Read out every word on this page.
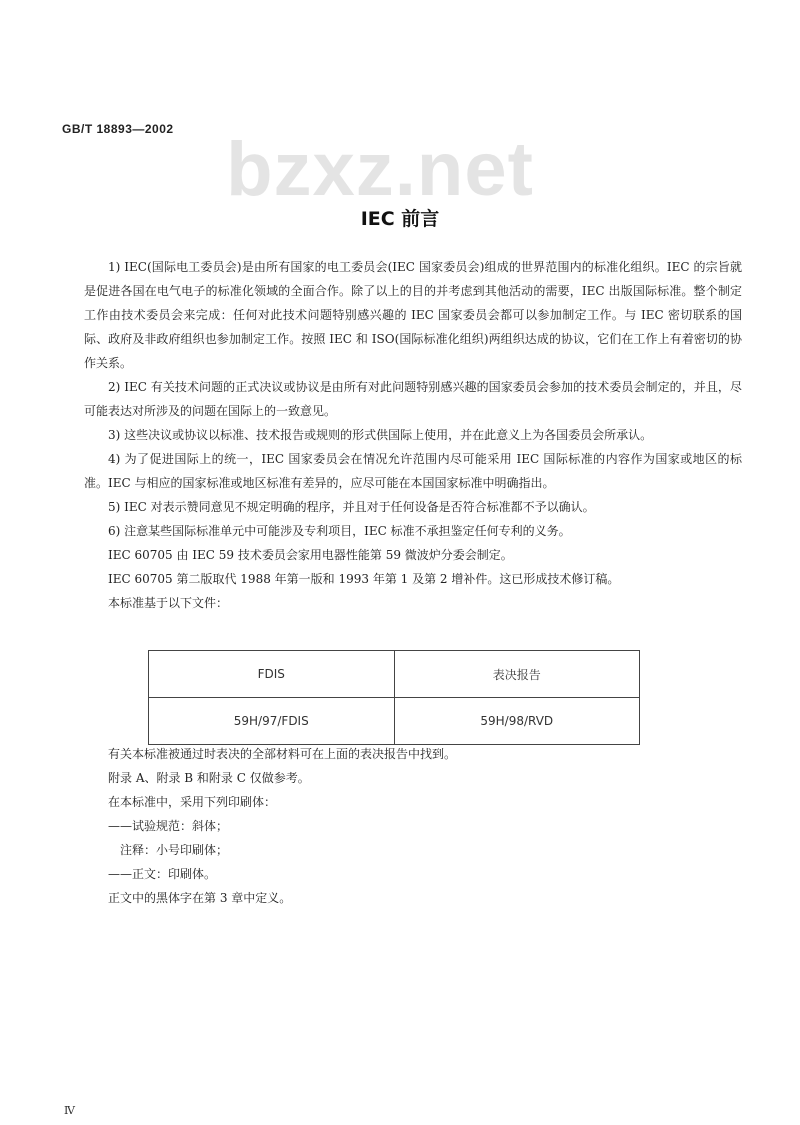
GB/T 18893—2002 bzxz.net
IEC 前言

1) IEC(国际电工委员会)是由所有国家的电工委员会(IEC 国家委员会)组成的世界范围内的标准化组织。IEC 的宗旨就是促进各国在电气电子的标准化领域的全面合作。除了以上的目的并考虑到其他活动的需要，IEC 出版国际标准。整个制定工作由技术委员会来完成：任何对此技术问题特别感兴趣的 IEC 国家委员会都可以参加制定工作。与 IEC 密切联系的国际、政府及非政府组织也参加制定工作。按照 IEC 和 ISO(国际标准化组织)两组织达成的协议，它们在工作上有着密切的协作关系。

2) IEC 有关技术问题的正式决议或协议是由所有对此问题特别感兴趣的国家委员会参加的技术委员会制定的，并且，尽可能表达对所涉及的问题在国际上的一致意见。

3) 这些决议或协议以标准、技术报告或规则的形式供国际上使用，并在此意义上为各国委员会所承认。

4) 为了促进国际上的统一，IEC 国家委员会在情况允许范围内尽可能采用 IEC 国际标准的内容作为国家或地区的标准。IEC 与相应的国家标准或地区标准有差异的，应尽可能在本国国家标准中明确指出。

5) IEC 对表示赞同意见不规定明确的程序，并且对于任何设备是否符合标准都不予以确认。

6) 注意某些国际标准单元中可能涉及专利项目，IEC 标准不承担鉴定任何专利的义务。

IEC 60705 由 IEC 59 技术委员会家用电器性能第 59 微波炉分委会制定。

IEC 60705 第二版取代 1988 年第一版和 1993 年第 1 及第 2 增补件。这已形成技术修订稿。

本标准基于以下文件：

FDIS	表决报告
59H/97/FDIS	59H/98/RVD

有关本标准被通过时表决的全部材料可在上面的表决报告中找到。

附录 A、附录 B 和附录 C 仅做参考。

在本标准中，采用下列印刷体：

——试验规范：斜体；

注释：小号印刷体；

——正文：印刷体。

正文中的黑体字在第 3 章中定义。

Ⅳ
